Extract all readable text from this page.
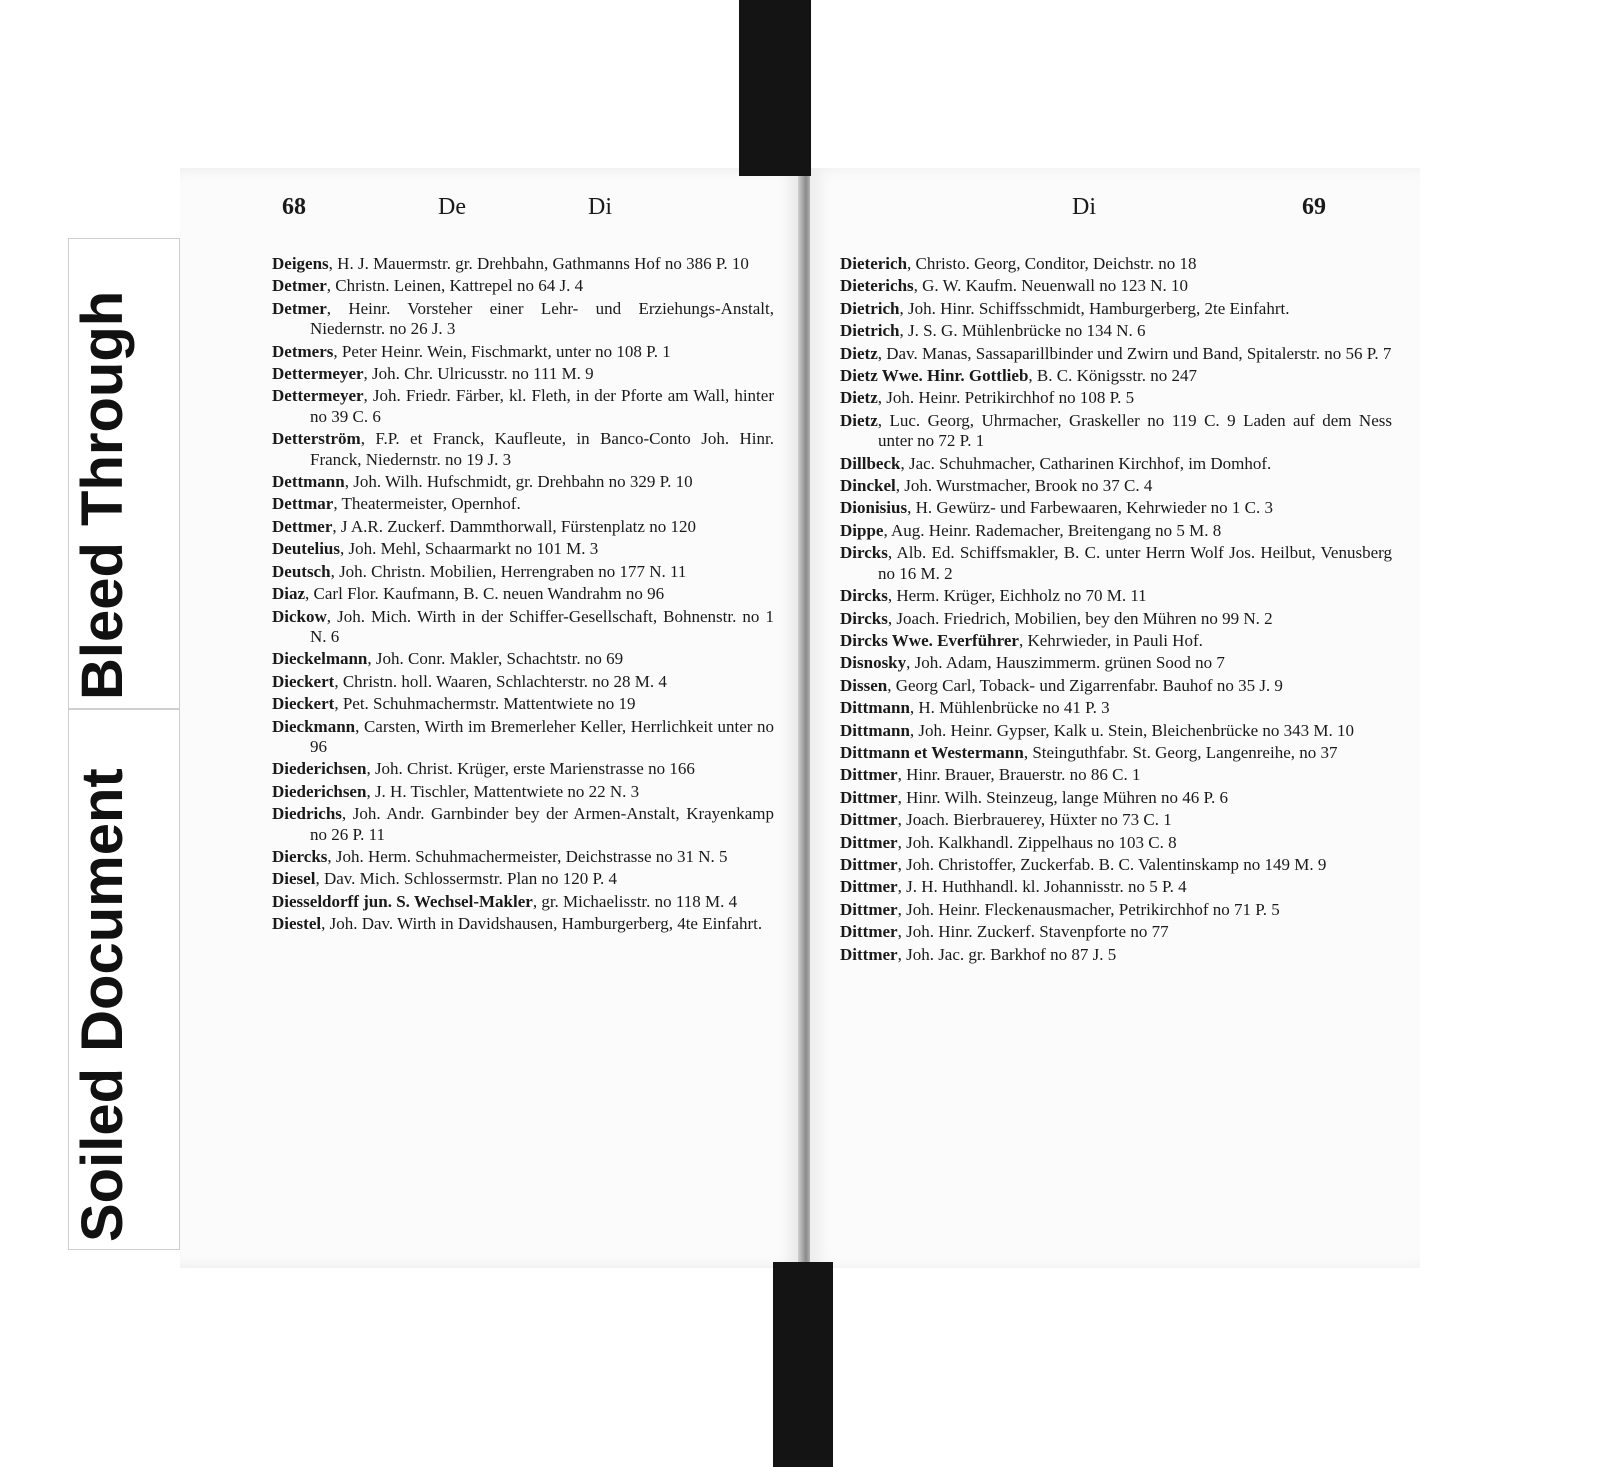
Bleed Through
Soiled Document
68	De	Di
Deigens, H. J. Mauermstr. gr. Drehbahn, Gathmanns Hof no 386 P. 10
Detmer, Christn. Leinen, Kattrepel no 64 J. 4
Detmer, Heinr. Vorsteher einer Lehr- und Erziehungs-Anstalt, Niedernstr. no 26 J. 3
Detmers, Peter Heinr. Wein, Fischmarkt, unter no 108 P. 1
Dettermeyer, Joh. Chr. Ulricusstr. no 111 M. 9
Dettermeyer, Joh. Friedr. Färber, kl. Fleth, in der Pforte am Wall, hinter no 39 C. 6
Detterström, F.P. et Franck, Kaufleute, in Banco-Conto Joh. Hinr. Franck, Niedernstr. no 19 J. 3
Dettmann, Joh. Wilh. Hufschmidt, gr. Drehbahn no 329 P. 10
Dettmar, Theatermeister, Opernhof.
Dettmer, J A.R. Zuckerf. Dammthorwall, Fürstenplatz no 120
Deutelius, Joh. Mehl, Schaarmarkt no 101 M. 3
Deutsch, Joh. Christn. Mobilien, Herrengraben no 177 N. 11
Diaz, Carl Flor. Kaufmann, B. C. neuen Wandrahm no 96
Dickow, Joh. Mich. Wirth in der Schiffer-Gesellschaft, Bohnenstr. no 1 N. 6
Dieckelmann, Joh. Conr. Makler, Schachtstr. no 69
Dieckert, Christn. holl. Waaren, Schlachterstr. no 28 M. 4
Dieckert, Pet. Schuhmachermstr. Mattentwiete no 19
Dieckmann, Carsten, Wirth im Bremerleher Keller, Herrlichkeit unter no 96
Diederichsen, Joh. Christ. Krüger, erste Marienstrasse no 166
Diederichsen, J. H. Tischler, Mattentwiete no 22 N. 3
Diedrichs, Joh. Andr. Garnbinder bey der Armen-Anstalt, Krayenkamp no 26 P. 11
Diercks, Joh. Herm. Schuhmachermeister, Deichstrasse no 31 N. 5
Diesel, Dav. Mich. Schlossermstr. Plan no 120 P. 4
Diesseldorff jun. S. Wechsel-Makler, gr. Michaelisstr. no 118 M. 4
Diestel, Joh. Dav. Wirth in Davidshausen, Hamburgerberg, 4te Einfahrt.
Di	69
Dieterich, Christo. Georg, Conditor, Deichstr. no 18
Dieterichs, G. W. Kaufm. Neuenwall no 123 N. 10
Dietrich, Joh. Hinr. Schiffsschmidt, Hamburgerberg, 2te Einfahrt.
Dietrich, J. S. G. Mühlenbrücke no 134 N. 6
Dietz, Dav. Manas, Sassaparillbinder und Zwirn und Band, Spitalerstr. no 56 P. 7
Dietz Wwe. Hinr. Gottlieb, B. C. Königsstr. no 247
Dietz, Joh. Heinr. Petrikirchhof no 108 P. 5
Dietz, Luc. Georg, Uhrmacher, Graskeller no 119 C. 9 Laden auf dem Ness unter no 72 P. 1
Dillbeck, Jac. Schuhmacher, Catharinen Kirchhof, im Domhof.
Dinckel, Joh. Wurstmacher, Brook no 37 C. 4
Dionisius, H. Gewürz- und Farbewaaren, Kehrwieder no 1 C. 3
Dippe, Aug. Heinr. Rademacher, Breitengang no 5 M. 8
Dircks, Alb. Ed. Schiffsmakler, B. C. unter Herrn Wolf Jos. Heilbut, Venusberg no 16 M. 2
Dircks, Herm. Krüger, Eichholz no 70 M. 11
Dircks, Joach. Friedrich, Mobilien, bey den Mühren no 99 N. 2
Dircks Wwe. Everführer, Kehrwieder, in Pauli Hof.
Disnosky, Joh. Adam, Hauszimmerm. grünen Sood no 7
Dissen, Georg Carl, Toback- und Zigarrenfabr. Bauhof no 35 J. 9
Dittmann, H. Mühlenbrücke no 41 P. 3
Dittmann, Joh. Heinr. Gypser, Kalk u. Stein, Bleichenbrücke no 343 M. 10
Dittmann et Westermann, Steinguthfabr. St. Georg, Langenreihe, no 37
Dittmer, Hinr. Brauer, Brauerstr. no 86 C. 1
Dittmer, Hinr. Wilh. Steinzeug, lange Mühren no 46 P. 6
Dittmer, Joach. Bierbrauerey, Hüxter no 73 C. 1
Dittmer, Joh. Kalkhandl. Zippelhaus no 103 C. 8
Dittmer, Joh. Christoffer, Zuckerfab. B. C. Valentinskamp no 149 M. 9
Dittmer, J. H. Huthhandl. kl. Johannisstr. no 5 P. 4
Dittmer, Joh. Heinr. Fleckenausmacher, Petrikirchhof no 71 P. 5
Dittmer, Joh. Hinr. Zuckerf. Stavenpforte no 77
Dittmer, Joh. Jac. gr. Barkhof no 87 J. 5
